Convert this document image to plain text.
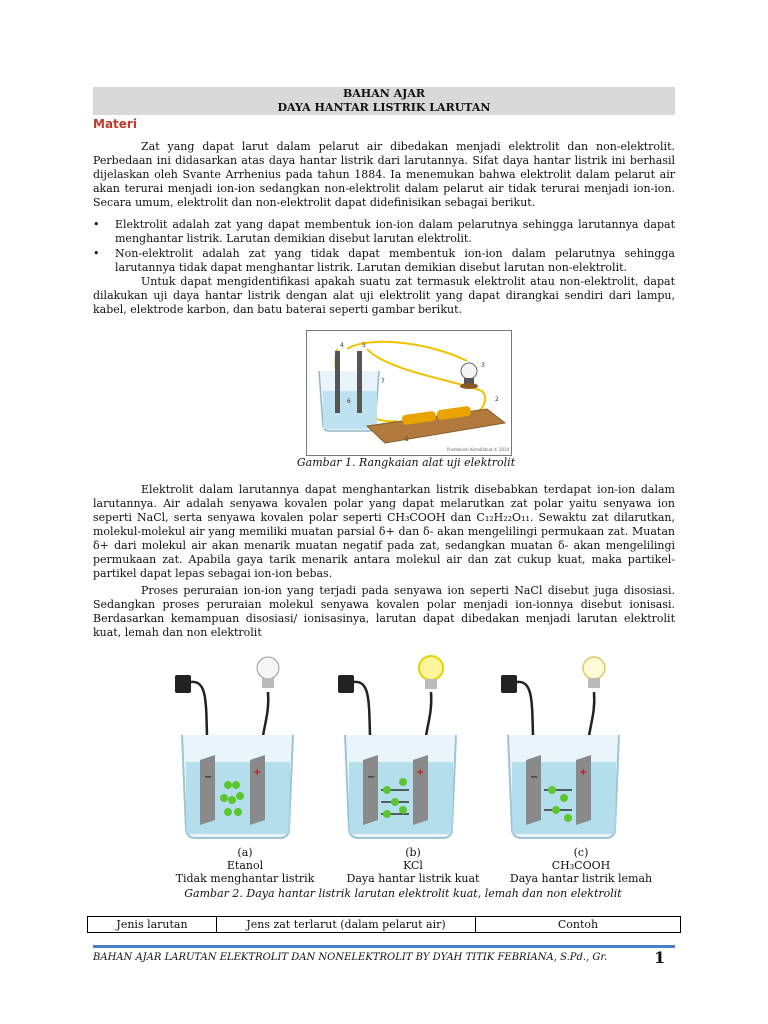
BAHAN AJAR
DAYA HANTAR LISTRIK LARUTAN
Materi

Zat yang dapat larut dalam pelarut air dibedakan menjadi elektrolit dan non-elektrolit. Perbedaan ini didasarkan atas daya hantar listrik dari larutannya. Sifat daya hantar listrik ini berhasil dijelaskan oleh Svante Arrhenius pada tahun 1884. Ia menemukan bahwa elektrolit dalam pelarut air akan terurai menjadi ion-ion sedangkan non-elektrolit dalam pelarut air tidak terurai menjadi ion-ion. Secara umum, elektrolit dan non-elektrolit dapat didefinisikan sebagai berikut.

• Elektrolit adalah zat yang dapat membentuk ion-ion dalam pelarutnya sehingga larutannya dapat menghantar listrik. Larutan demikian disebut larutan elektrolit.
• Non-elektrolit adalah zat yang tidak dapat membentuk ion-ion dalam pelarutnya sehingga larutannya tidak dapat menghantar listrik. Larutan demikian disebut larutan non-elektrolit.

Untuk dapat mengidentifikasi apakah suatu zat termasuk elektrolit atau non-elektrolit, dapat dilakukan uji daya hantar listrik dengan alat uji elektrolit yang dapat dirangkai sendiri dari lampu, kabel, elektrode karbon, dan batu baterai seperti gambar berikut.

4	5
3
2
1
6
7
Pustekkom Kemdikbud © 2014
Gambar 1. Rangkaian alat uji elektrolit

Elektrolit dalam larutannya dapat menghantarkan listrik disebabkan terdapat ion-ion dalam larutannya. Air adalah senyawa kovalen polar yang dapat melarutkan zat polar yaitu senyawa ion seperti NaCl, serta senyawa kovalen polar seperti CH₃COOH dan C₁₂H₂₂O₁₁. Sewaktu zat dilarutkan, molekul-molekul air yang memiliki muatan parsial δ+ dan δ- akan mengelilingi permukaan zat. Muatan δ+ dari molekul air akan menarik muatan negatif pada zat, sedangkan muatan δ- akan mengelilingi permukaan zat. Apabila gaya tarik menarik antara molekul air dan zat cukup kuat, maka partikel-partikel dapat lepas sebagai ion-ion bebas.

Proses peruraian ion-ion yang terjadi pada senyawa ion seperti NaCl disebut juga disosiasi. Sedangkan proses peruraian molekul senyawa kovalen polar menjadi ion-ionnya disebut ionisasi. Berdasarkan kemampuan disosiasi/ ionisasinya, larutan dapat dibedakan menjadi larutan elektrolit kuat, lemah dan non elektrolit

−	+	−	+	−	+
(a)
Etanol
Tidak menghantar listrik
(b)
KCl
Daya hantar listrik kuat
(c)
CH₃COOH
Daya hantar listrik lemah
Gambar 2. Daya hantar listrik larutan elektrolit kuat, lemah dan non elektrolit
Jenis larutan	Jens zat terlarut (dalam pelarut air)	Contoh
BAHAN AJAR LARUTAN ELEKTROLIT DAN NONELEKTROLIT BY DYAH TITIK FEBRIANA, S.Pd., Gr.	1
